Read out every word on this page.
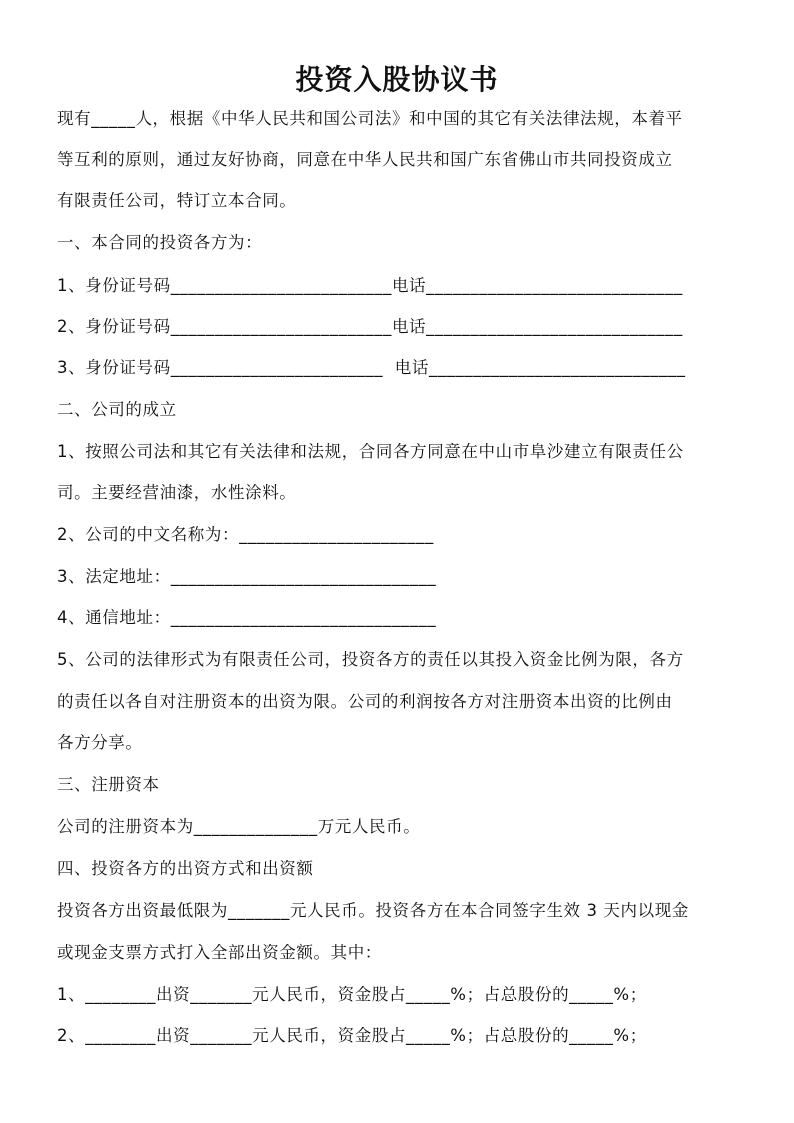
投资入股协议书
现有_____人，根据《中华人民共和国公司法》和中国的其它有关法律法规，本着平
等互利的原则，通过友好协商，同意在中华人民共和国广东省佛山市共同投资成立
有限责任公司，特订立本合同。
一、本合同的投资各方为：
1、身份证号码_________________________电话_____________________________
2、身份证号码_________________________电话_____________________________
3、身份证号码________________________  电话_____________________________
二、公司的成立
1、按照公司法和其它有关法律和法规，合同各方同意在中山市阜沙建立有限责任公
司。主要经营油漆，水性涂料。
2、公司的中文名称为：______________________
3、法定地址：______________________________
4、通信地址：______________________________
5、公司的法律形式为有限责任公司，投资各方的责任以其投入资金比例为限，各方
的责任以各自对注册资本的出资为限。公司的利润按各方对注册资本出资的比例由
各方分享。
三、注册资本
公司的注册资本为______________万元人民币。
四、投资各方的出资方式和出资额
投资各方出资最低限为_______元人民币。投资各方在本合同签字生效 3 天内以现金
或现金支票方式打入全部出资金额。其中：
1、________出资_______元人民币，资金股占_____%；占总股份的_____%；
2、________出资_______元人民币，资金股占_____%；占总股份的_____%；
